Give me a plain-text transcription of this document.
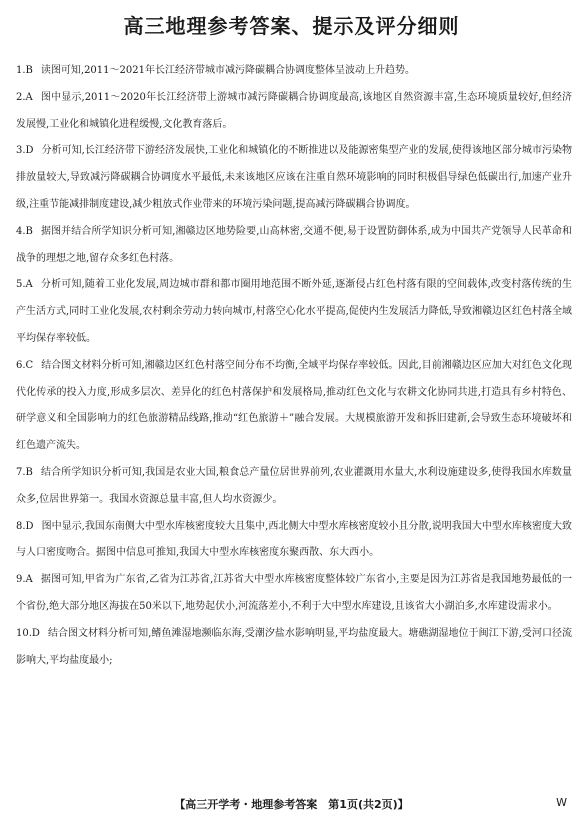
高三地理参考答案、提示及评分细则

1.B 读图可知,2011～2021年长江经济带城市减污降碳耦合协调度整体呈波动上升趋势。

2.A 图中显示,2011～2020年长江经济带上游城市减污降碳耦合协调度最高,该地区自然资源丰富,生态环境质量较好,但经济发展慢,工业化和城镇化进程缓慢,文化教育落后。

3.D 分析可知,长江经济带下游经济发展快,工业化和城镇化的不断推进以及能源密集型产业的发展,使得该地区部分城市污染物排放量较大,导致减污降碳耦合协调度水平最低,未来该地区应该在注重自然环境影响的同时积极倡导绿色低碳出行,加速产业升级,注重节能减排制度建设,减少粗放式作业带来的环境污染问题,提高减污降碳耦合协调度。

4.B 据图并结合所学知识分析可知,湘赣边区地势险要,山高林密,交通不便,易于设置防御体系,成为中国共产党领导人民革命和战争的理想之地,留存众多红色村落。

5.A 分析可知,随着工业化发展,周边城市群和都市圈用地范围不断外延,逐渐侵占红色村落有限的空间载体,改变村落传统的生产生活方式,同时工业化发展,农村剩余劳动力转向城市,村落空心化水平提高,促使内生发展活力降低,导致湘赣边区红色村落全域平均保存率较低。

6.C 结合图文材料分析可知,湘赣边区红色村落空间分布不均衡,全域平均保存率较低。因此,目前湘赣边区应加大对红色文化现代化传承的投入力度,形成多层次、差异化的红色村落保护和发展格局,推动红色文化与农耕文化协同共进,打造具有乡村特色、研学意义和全国影响力的红色旅游精品线路,推动“红色旅游＋”融合发展。大规模旅游开发和拆旧建新,会导致生态环境破坏和红色遗产流失。

7.B 结合所学知识分析可知,我国是农业大国,粮食总产量位居世界前列,农业灌溉用水量大,水利设施建设多,使得我国水库数量众多,位居世界第一。我国水资源总量丰富,但人均水资源少。

8.D 图中显示,我国东南侧大中型水库核密度较大且集中,西北侧大中型水库核密度较小且分散,说明我国大中型水库核密度大致与人口密度吻合。据图中信息可推知,我国大中型水库核密度东聚西散、东大西小。

9.A 据图可知,甲省为广东省,乙省为江苏省,江苏省大中型水库核密度整体较广东省小,主要是因为江苏省是我国地势最低的一个省份,绝大部分地区海拔在50米以下,地势起伏小,河流落差小,不利于大中型水库建设,且该省大小湖泊多,水库建设需求小。

10.D 结合图文材料分析可知,鳍鱼滩湿地濒临东海,受潮汐盐水影响明显,平均盐度最大。塘礁湖湿地位于闽江下游,受河口径流影响大,平均盐度最小;

【高三开学考・地理参考答案　第1页(共2页)】	W
